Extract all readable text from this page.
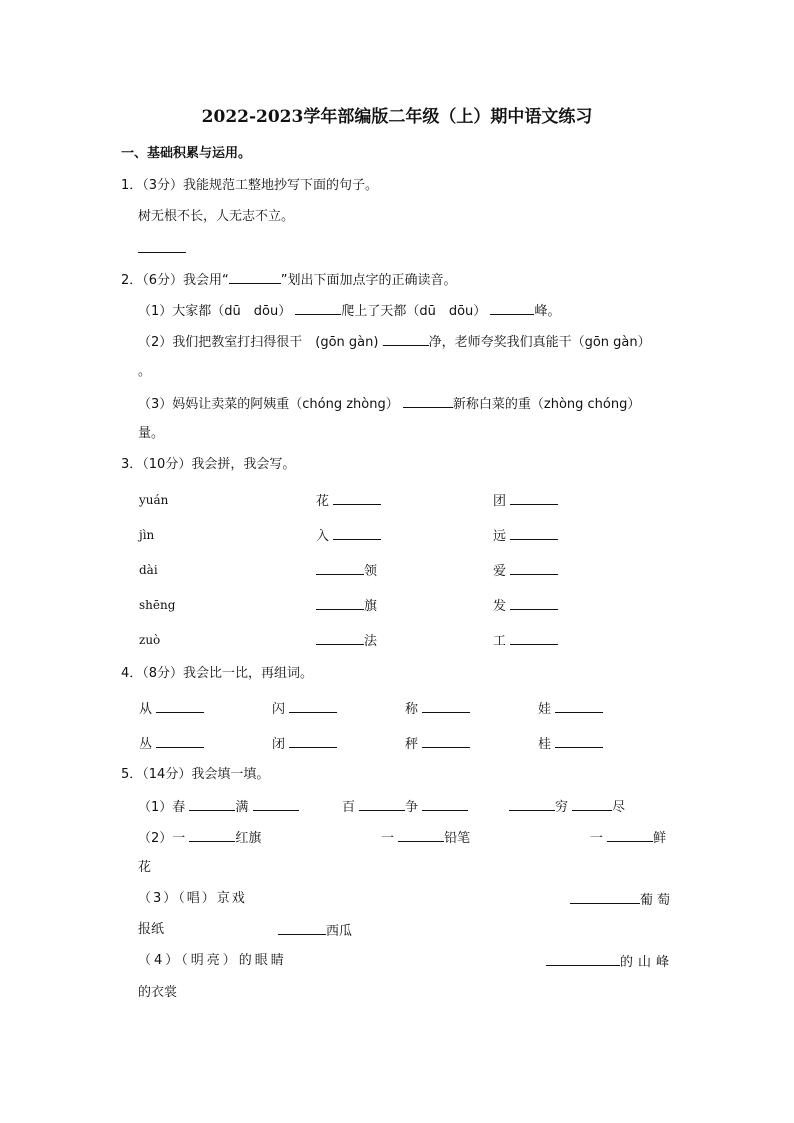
2022-2023学年部编版二年级（上）期中语文练习
一、基础积累与运用。
1．（3分）我能规范工整地抄写下面的句子。
树无根不长，人无志不立。
2．（6分）我会用“	”划出下面加点字的正确读音。
（1）大家都（dū　dōu）	爬上了天都（dū　dōu）	峰。
（2）我们把教室打扫得很干　(gōn gàn)	净，老师夸奖我们真能干（gōn gàn）
。
（3）妈妈让卖菜的阿姨重（chóng zhòng）	新称白菜的重（zhòng chóng）
量。
3．（10分）我会拼，我会写。
yuán	花	团
jìn	入	远
dài	领	爱
shēng	旗	发
zuò	法	工
4．（8分）我会比一比，再组词。
从	闪	称	娃
丛	闭	秤	桂
5．（14分）我会填一填。
（1）春	满	百	争	穷	尽
（2）一	红旗	一	铅笔	一	鲜
花
（3）（唱）京戏	葡萄
报纸	西瓜
（4）（明亮）的眼睛	的山峰
的衣裳
